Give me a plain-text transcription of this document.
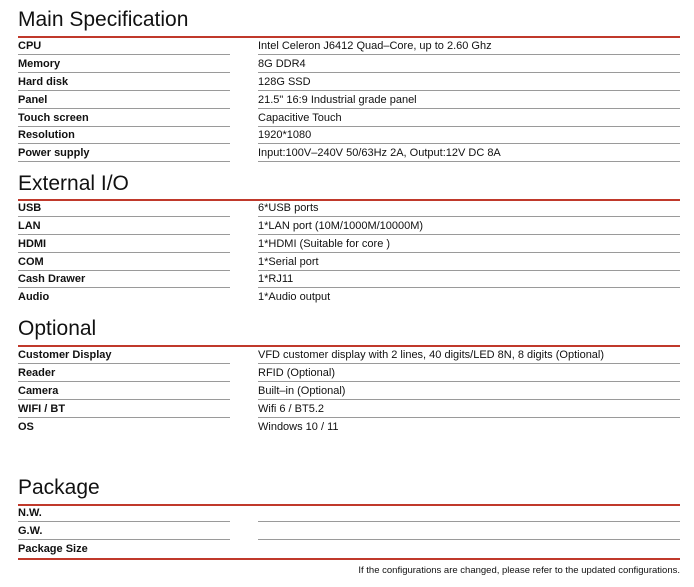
Main Specification
CPU	Intel Celeron J6412 Quad–Core, up to 2.60 Ghz
Memory	8G DDR4
Hard disk	128G SSD
Panel	21.5" 16:9 Industrial grade panel
Touch screen	Capacitive Touch
Resolution	1920*1080
Power supply	Input:100V–240V 50/63Hz 2A, Output:12V DC 8A
External I/O
USB	6*USB ports
LAN	1*LAN port (10M/1000M/10000M)
HDMI	1*HDMI (Suitable for core )
COM	1*Serial port
Cash Drawer	1*RJ11
Audio	1*Audio output
Optional
Customer Display	VFD customer display with 2 lines, 40 digits/LED 8N, 8 digits (Optional)
Reader	RFID (Optional)
Camera	Built–in (Optional)
WIFI / BT	Wifi 6 / BT5.2
OS	Windows 10 / 11
Package
N.W.
G.W.
Package Size
If the configurations are changed, please refer to the updated configurations.
